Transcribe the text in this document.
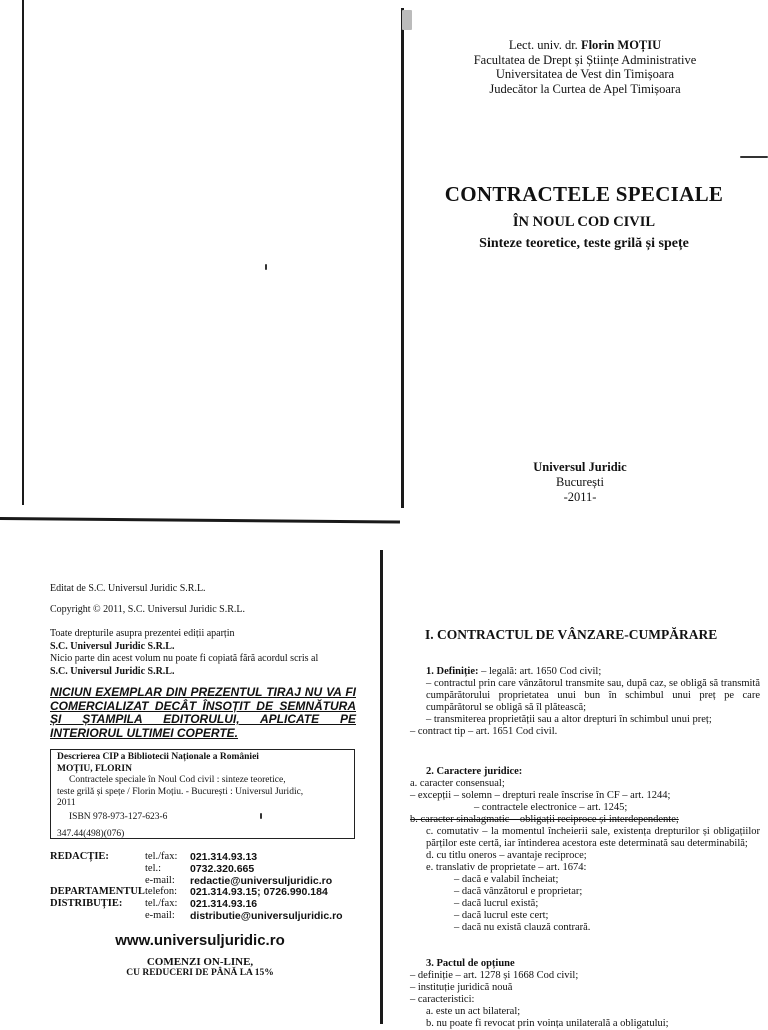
Lect. univ. dr. Florin MOȚIU
Facultatea de Drept și Științe Administrative
Universitatea de Vest din Timișoara
Judecător la Curtea de Apel Timișoara
CONTRACTELE SPECIALE
ÎN NOUL COD CIVIL
Sinteze teoretice, teste grilă și spețe
Universul Juridic
București
-2011-
Editat de S.C. Universul Juridic S.R.L.
Copyright © 2011, S.C. Universul Juridic S.R.L.
Toate drepturile asupra prezentei ediții aparțin
S.C. Universul Juridic S.R.L.
Nicio parte din acest volum nu poate fi copiată fără acordul scris al
S.C. Universul Juridic S.R.L.
NICIUN EXEMPLAR DIN PREZENTUL TIRAJ NU VA FI COMERCIALIZAT DECÂT ÎNSOȚIT DE SEMNĂTURA ȘI ȘTAMPILA EDITORULUI, APLICATE PE INTERIORUL ULTIMEI COPERTE.
Descrierea CIP a Bibliotecii Naționale a României
MOȚIU, FLORIN
Contractele speciale în Noul Cod civil : sinteze teoretice,
teste grilă și spețe / Florin Moțiu. - București : Universul Juridic,
2011
ISBN 978-973-127-623-6
347.44(498)(076)
REDACȚIE:	tel./fax:	021.314.93.13
tel.:	0732.320.665
e-mail:	redactie@universuljuridic.ro
DEPARTAMENTUL
DISTRIBUȚIE:
telefon:	021.314.93.15; 0726.990.184
tel./fax:	021.314.93.16
e-mail:	distributie@universuljuridic.ro
www.universuljuridic.ro
COMENZI ON-LINE,
CU REDUCERI DE PÂNĂ LA 15%
I. CONTRACTUL DE VÂNZARE-CUMPĂRARE
1. Definiție: – legală: art. 1650 Cod civil;
– contractul prin care vânzătorul transmite sau, după caz, se obligă să transmită cumpărătorului proprietatea unui bun în schimbul unui preț pe care cumpărătorul se obligă să îl plătească;
– transmiterea proprietății sau a altor drepturi în schimbul unui preț;
– contract tip – art. 1651 Cod civil.
2. Caractere juridice:
a. caracter consensual;
– excepții – solemn – drepturi reale înscrise în CF – art. 1244;
– contractele electronice – art. 1245;
b. caracter sinalagmatic – obligații reciproce și interdependente;
c. comutativ – la momentul încheierii sale, existența drepturilor și obligațiilor părților este certă, iar întinderea acestora este determinată sau determinabilă;
d. cu titlu oneros – avantaje reciproce;
e. translativ de proprietate – art. 1674:
– dacă e valabil încheiat;
– dacă vânzătorul e proprietar;
– dacă lucrul există;
– dacă lucrul este cert;
– dacă nu există clauză contrară.
3. Pactul de opțiune
– definiție – art. 1278 și 1668 Cod civil;
– instituție juridică nouă
– caracteristici:
a. este un act bilateral;
b. nu poate fi revocat prin voința unilaterală a obligatului;
